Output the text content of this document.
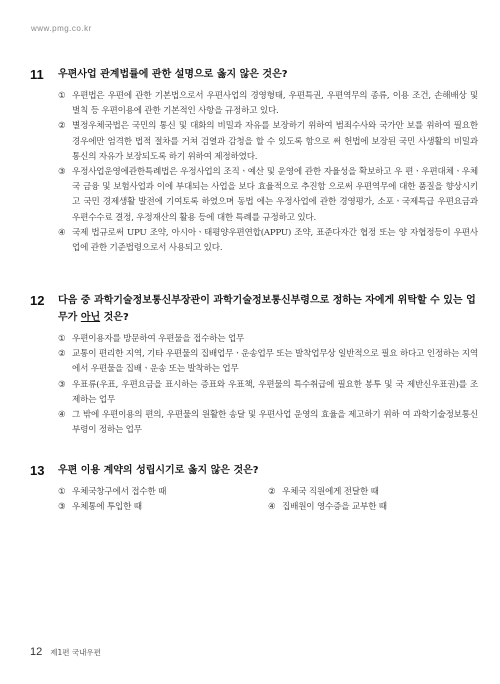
www.pmg.co.kr
11	우편사업 관계법률에 관한 설명으로 옳지 않은 것은?
① 우편법은 우편에 관한 기본법으로서 우편사업의 경영형태, 우편특권, 우편역무의 종류, 이용 조건, 손해배상 및 벌칙 등 우편이용에 관한 기본적인 사항을 규정하고 있다.
② 별정우체국법은 국민의 통신 및 대화의 비밀과 자유를 보장하기 위하여 범죄수사와 국가안 보를 위하여 필요한 경우에만 엄격한 법적 절차를 거쳐 검열과 감청을 할 수 있도록 함으로 써 헌법에 보장된 국민 사생활의 비밀과 통신의 자유가 보장되도록 하기 위하여 제정하였다.
③ 우정사업운영에관한특례법은 우정사업의 조직ㆍ예산 및 운영에 관한 자율성을 확보하고 우 편ㆍ우편대체ㆍ우체국 금융 및 보험사업과 이에 부대되는 사업을 보다 효율적으로 추진함 으로써 우편역무에 대한 품질을 향상시키고 국민 경제생활 발전에 기여토록 하였으며 동법 에는 우정사업에 관한 경영평가, 소포ㆍ국제특급 우편요금과 우편수수료 결정, 우정재산의 활용 등에 대한 특례를 규정하고 있다.
④ 국제 법규로써 UPU 조약, 아시아ㆍ태평양우편연합(APPU) 조약, 표준다자간 협정 또는 양 자협정등이 우편사업에 관한 기준법령으로서 사용되고 있다.
12	다음 중 과학기술정보통신부장관이 과학기술정보통신부령으로 정하는 자에게 위탁할 수 있는 업무가 아닌 것은?
① 우편이용자를 방문하여 우편물을 접수하는 업무
② 교통이 편리한 지역, 기타 우편물의 집배업무ㆍ운송업무 또는 발착업무상 일반적으로 필요 하다고 인정하는 지역에서 우편물을 집배ㆍ운송 또는 발착하는 업무
③ 우표류(우표, 우편요금을 표시하는 증표와 우표책, 우편물의 특수취급에 필요한 봉투 및 국 제반신우표권)를 조제하는 업무
④ 그 밖에 우편이용의 편의, 우편물의 원활한 송달 및 우편사업 운영의 효율을 제고하기 위하 여 과학기술정보통신부령이 정하는 업무
13	우편 이용 계약의 성립시기로 옳지 않은 것은?
① 우체국창구에서 접수한 때	② 우체국 직원에게 전달한 때
③ 우체통에 투입한 때	④ 집배원이 영수증을 교부한 때
12 제1편 국내우편
